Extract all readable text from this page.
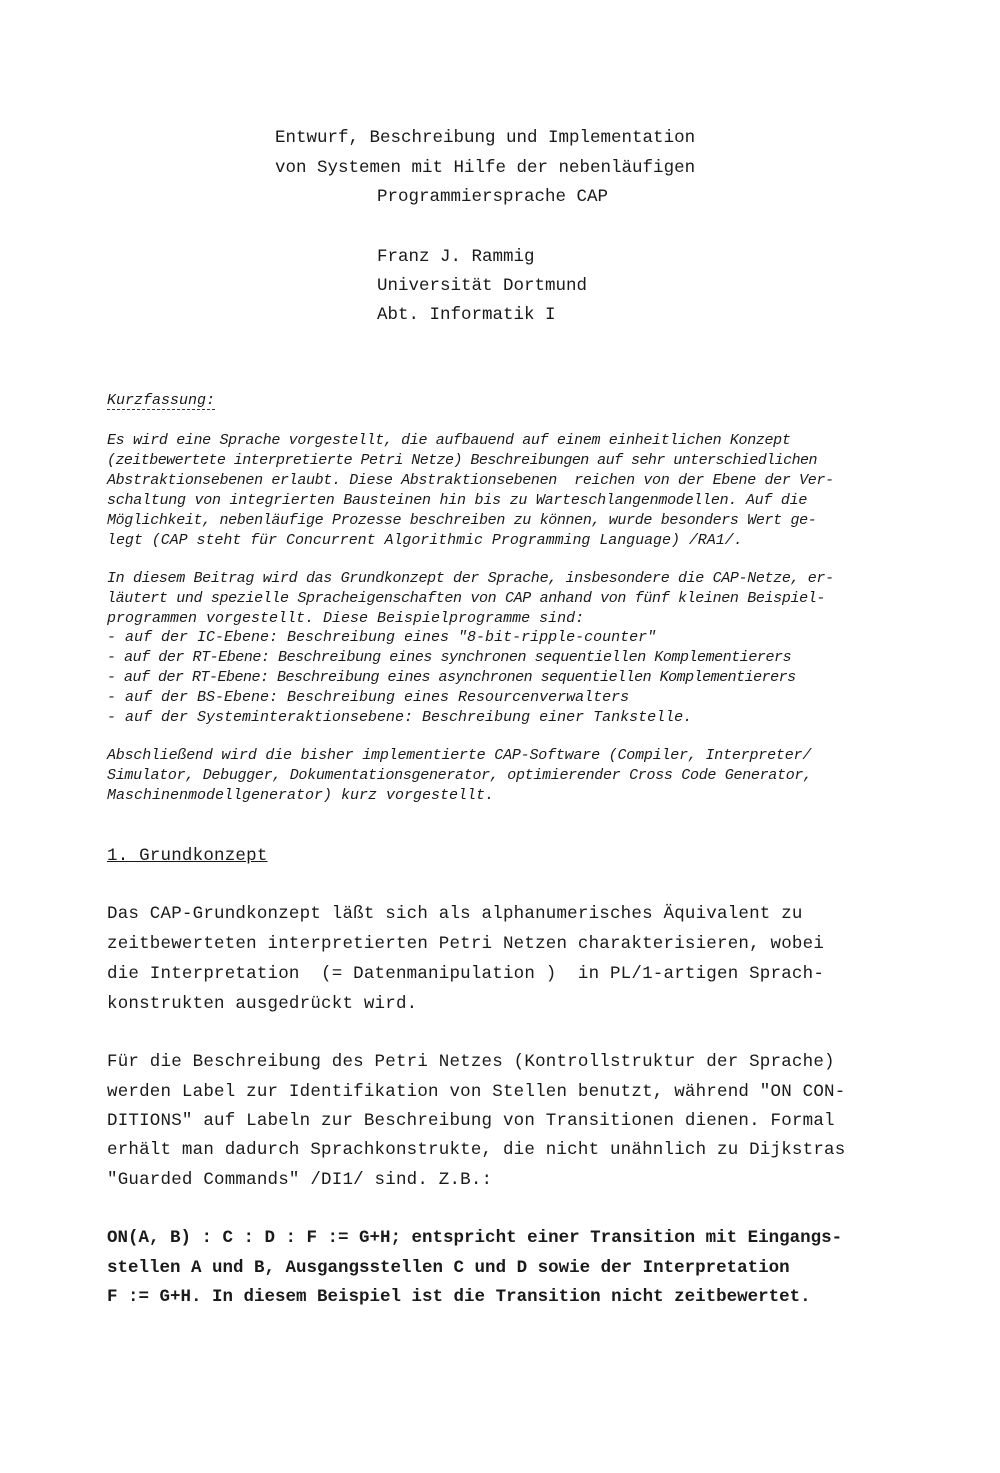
Entwurf, Beschreibung und Implementation
von Systemen mit Hilfe der nebenläufigen
Programmiersprache CAP
Franz J. Rammig
Universität Dortmund
Abt. Informatik I
Kurzfassung:
Es wird eine Sprache vorgestellt, die aufbauend auf einem einheitlichen Konzept
(zeitbewertete interpretierte Petri Netze) Beschreibungen auf sehr unterschiedlichen
Abstraktionsebenen erlaubt. Diese Abstraktionsebenen  reichen von der Ebene der Ver-
schaltung von integrierten Bausteinen hin bis zu Warteschlangenmodellen. Auf die
Möglichkeit, nebenläufige Prozesse beschreiben zu können, wurde besonders Wert ge-
legt (CAP steht für Concurrent Algorithmic Programming Language) /RA1/.
In diesem Beitrag wird das Grundkonzept der Sprache, insbesondere die CAP-Netze, er-
läutert und spezielle Spracheigenschaften von CAP anhand von fünf kleinen Beispiel-
programmen vorgestellt. Diese Beispielprogramme sind:
- auf der IC-Ebene: Beschreibung eines "8-bit-ripple-counter"
- auf der RT-Ebene: Beschreibung eines synchronen sequentiellen Komplementierers
- auf der RT-Ebene: Beschreibung eines asynchronen sequentiellen Komplementierers
- auf der BS-Ebene: Beschreibung eines Resourcenverwalters
- auf der Systeminteraktionsebene: Beschreibung einer Tankstelle.
Abschließend wird die bisher implementierte CAP-Software (Compiler, Interpreter/
Simulator, Debugger, Dokumentationsgenerator, optimierender Cross Code Generator,
Maschinenmodellgenerator) kurz vorgestellt.
1. Grundkonzept
Das CAP-Grundkonzept läßt sich als alphanumerisches Äquivalent zu
zeitbewerteten interpretierten Petri Netzen charakterisieren, wobei
die Interpretation  (= Datenmanipulation )  in PL/1-artigen Sprach-
konstrukten ausgedrückt wird.
Für die Beschreibung des Petri Netzes (Kontrollstruktur der Sprache)
werden Label zur Identifikation von Stellen benutzt, während "ON CON-
DITIONS" auf Labeln zur Beschreibung von Transitionen dienen. Formal
erhält man dadurch Sprachkonstrukte, die nicht unähnlich zu Dijkstras
"Guarded Commands" /DI1/ sind. Z.B.:
ON(A, B) : C : D : F := G+H; entspricht einer Transition mit Eingangs-
stellen A und B, Ausgangsstellen C und D sowie der Interpretation
F := G+H. In diesem Beispiel ist die Transition nicht zeitbewertet.
